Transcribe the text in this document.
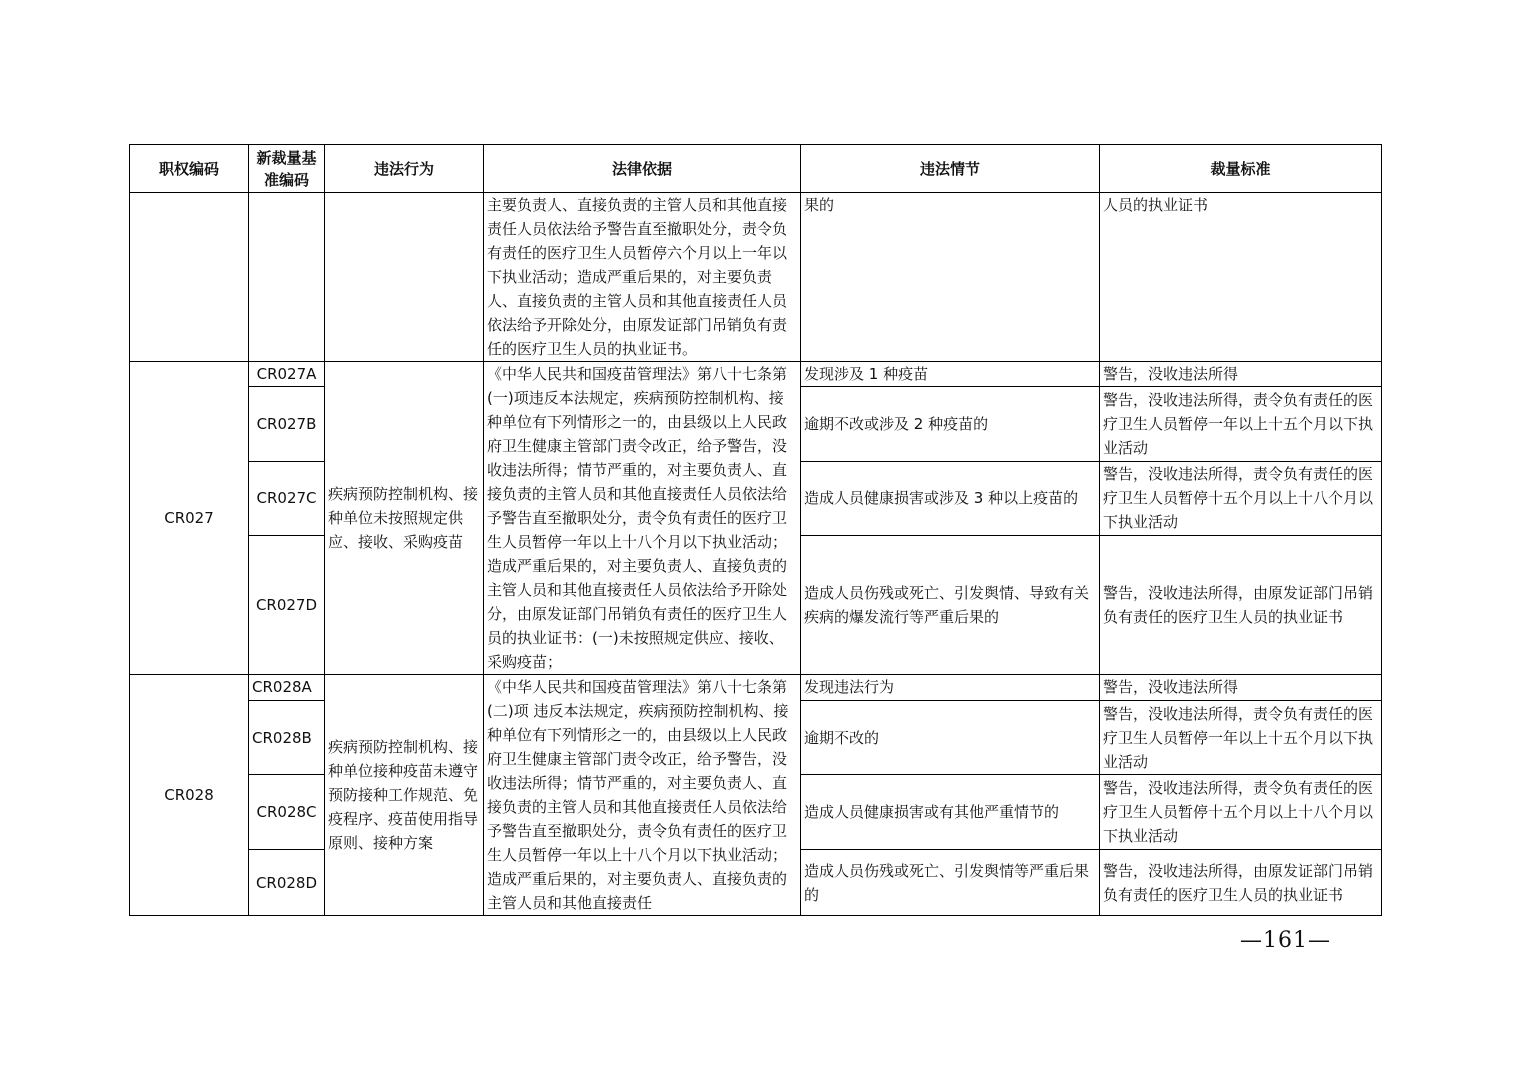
职权编码	新裁量基准编码	违法行为	法律依据	违法情节	裁量标准
			主要负责人、直接负责的主管人员和其他直接责任人员依法给予警告直至撤职处分，责令负有责任的医疗卫生人员暂停六个月以上一年以下执业活动；造成严重后果的，对主要负责人、直接负责的主管人员和其他直接责任人员依法给予开除处分，由原发证部门吊销负有责任的医疗卫生人员的执业证书。	果的	人员的执业证书
CR027	CR027A	疾病预防控制机构、接种单位未按照规定供应、接收、采购疫苗	《中华人民共和国疫苗管理法》第八十七条第(一)项违反本法规定，疾病预防控制机构、接种单位有下列情形之一的，由县级以上人民政府卫生健康主管部门责令改正，给予警告，没收违法所得；情节严重的，对主要负责人、直接负责的主管人员和其他直接责任人员依法给予警告直至撤职处分，责令负有责任的医疗卫生人员暂停一年以上十八个月以下执业活动；造成严重后果的，对主要负责人、直接负责的主管人员和其他直接责任人员依法给予开除处分，由原发证部门吊销负有责任的医疗卫生人员的执业证书：(一)未按照规定供应、接收、采购疫苗；	发现涉及 1 种疫苗	警告，没收违法所得
	CR027B			逾期不改或涉及 2 种疫苗的	警告，没收违法所得，责令负有责任的医疗卫生人员暂停一年以上十五个月以下执业活动
	CR027C			造成人员健康损害或涉及 3 种以上疫苗的	警告，没收违法所得，责令负有责任的医疗卫生人员暂停十五个月以上十八个月以下执业活动
	CR027D			造成人员伤残或死亡、引发舆情、导致有关疾病的爆发流行等严重后果的	警告，没收违法所得，由原发证部门吊销负有责任的医疗卫生人员的执业证书
CR028	CR028A	疾病预防控制机构、接种单位接种疫苗未遵守预防接种工作规范、免疫程序、疫苗使用指导原则、接种方案	《中华人民共和国疫苗管理法》第八十七条第(二)项 违反本法规定，疾病预防控制机构、接种单位有下列情形之一的，由县级以上人民政府卫生健康主管部门责令改正，给予警告，没收违法所得；情节严重的，对主要负责人、直接负责的主管人员和其他直接责任人员依法给予警告直至撤职处分，责令负有责任的医疗卫生人员暂停一年以上十八个月以下执业活动；造成严重后果的，对主要负责人、直接负责的主管人员和其他直接责任	发现违法行为	警告，没收违法所得
	CR028B			逾期不改的	警告，没收违法所得，责令负有责任的医疗卫生人员暂停一年以上十五个月以下执业活动
	CR028C			造成人员健康损害或有其他严重情节的	警告，没收违法所得，责令负有责任的医疗卫生人员暂停十五个月以上十八个月以下执业活动
	CR028D			造成人员伤残或死亡、引发舆情等严重后果的	警告，没收违法所得，由原发证部门吊销负有责任的医疗卫生人员的执业证书
—161—
